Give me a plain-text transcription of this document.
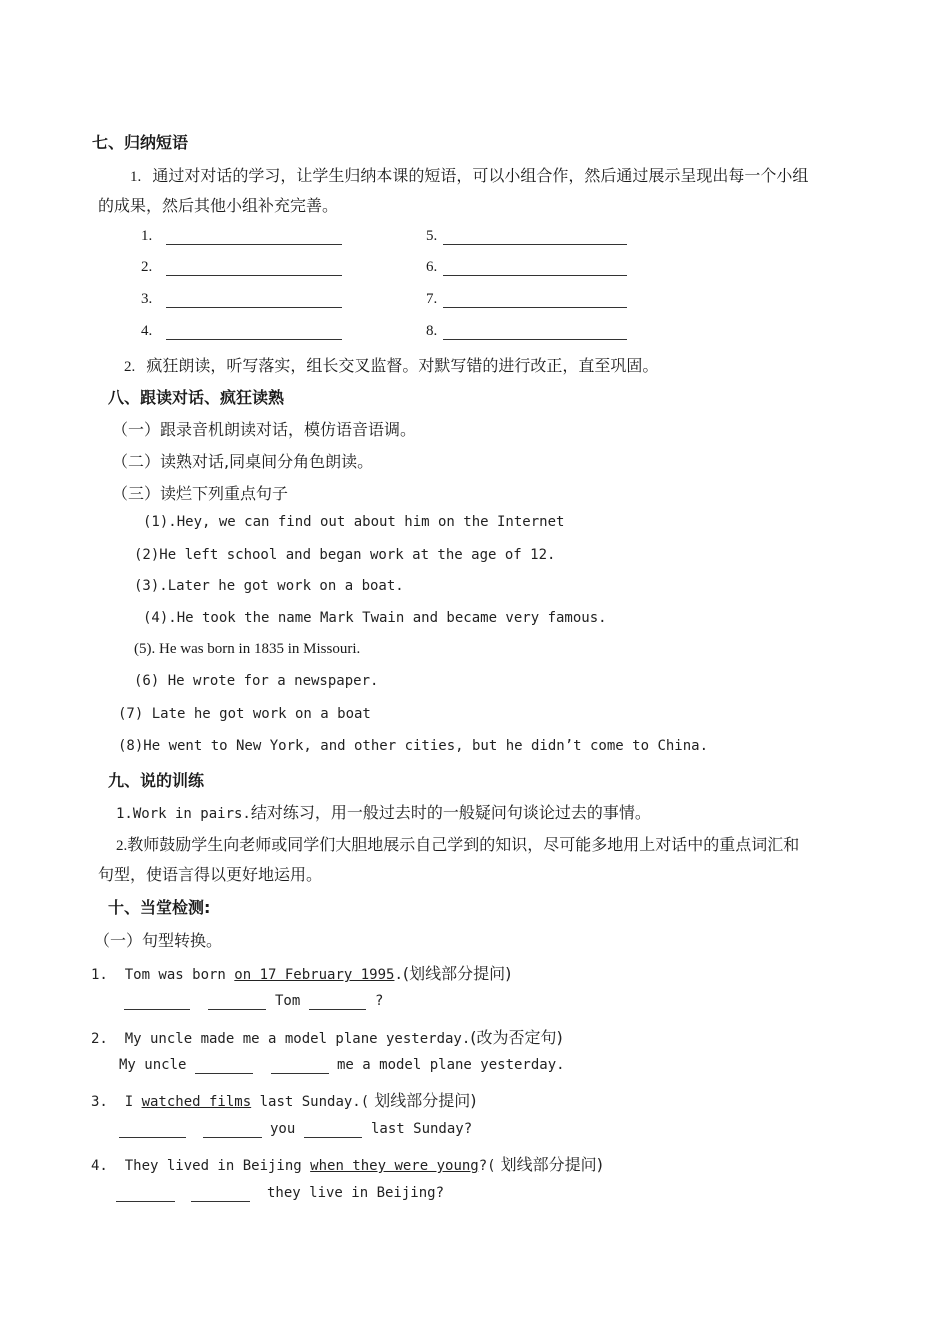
七、归纳短语
1. 通过对对话的学习，让学生归纳本课的短语，可以小组合作，然后通过展示呈现出每一个小组
的成果，然后其他小组补充完善。
1.
2.
3.
4.
5.
6.
7.
8.
2. 疯狂朗读，听写落实，组长交叉监督。对默写错的进行改正，直至巩固。
八、跟读对话、疯狂读熟
（一）跟录音机朗读对话，模仿语音语调。
（二）读熟对话,同桌间分角色朗读。
（三）读烂下列重点句子
(1).Hey, we can find out about him on the Internet
(2)He left school and began work at the age of 12.
(3).Later he got work on a boat.
(4).He took the name Mark Twain and became very famous.
(5). He was born in 1835 in Missouri.
(6) He wrote for a newspaper.
(7) Late he got work on a boat
(8)He went to New York, and other cities, but he didn’t come to China.
九、说的训练
1.Work in pairs.结对练习，用一般过去时的一般疑问句谈论过去的事情。
2.教师鼓励学生向老师或同学们大胆地展示自己学到的知识，尽可能多地用上对话中的重点词汇和
句型，使语言得以更好地运用。
十、当堂检测:
（一）句型转换。
1.  Tom was born on 17 February 1995.(划线部分提问)
Tom	?
2.  My uncle made me a model plane yesterday.(改为否定句)
My uncle	me a model plane yesterday.
3.  I watched films last Sunday.( 划线部分提问)
you	last Sunday?
4.  They lived in Beijing when they were young?( 划线部分提问)
they live in Beijing?
